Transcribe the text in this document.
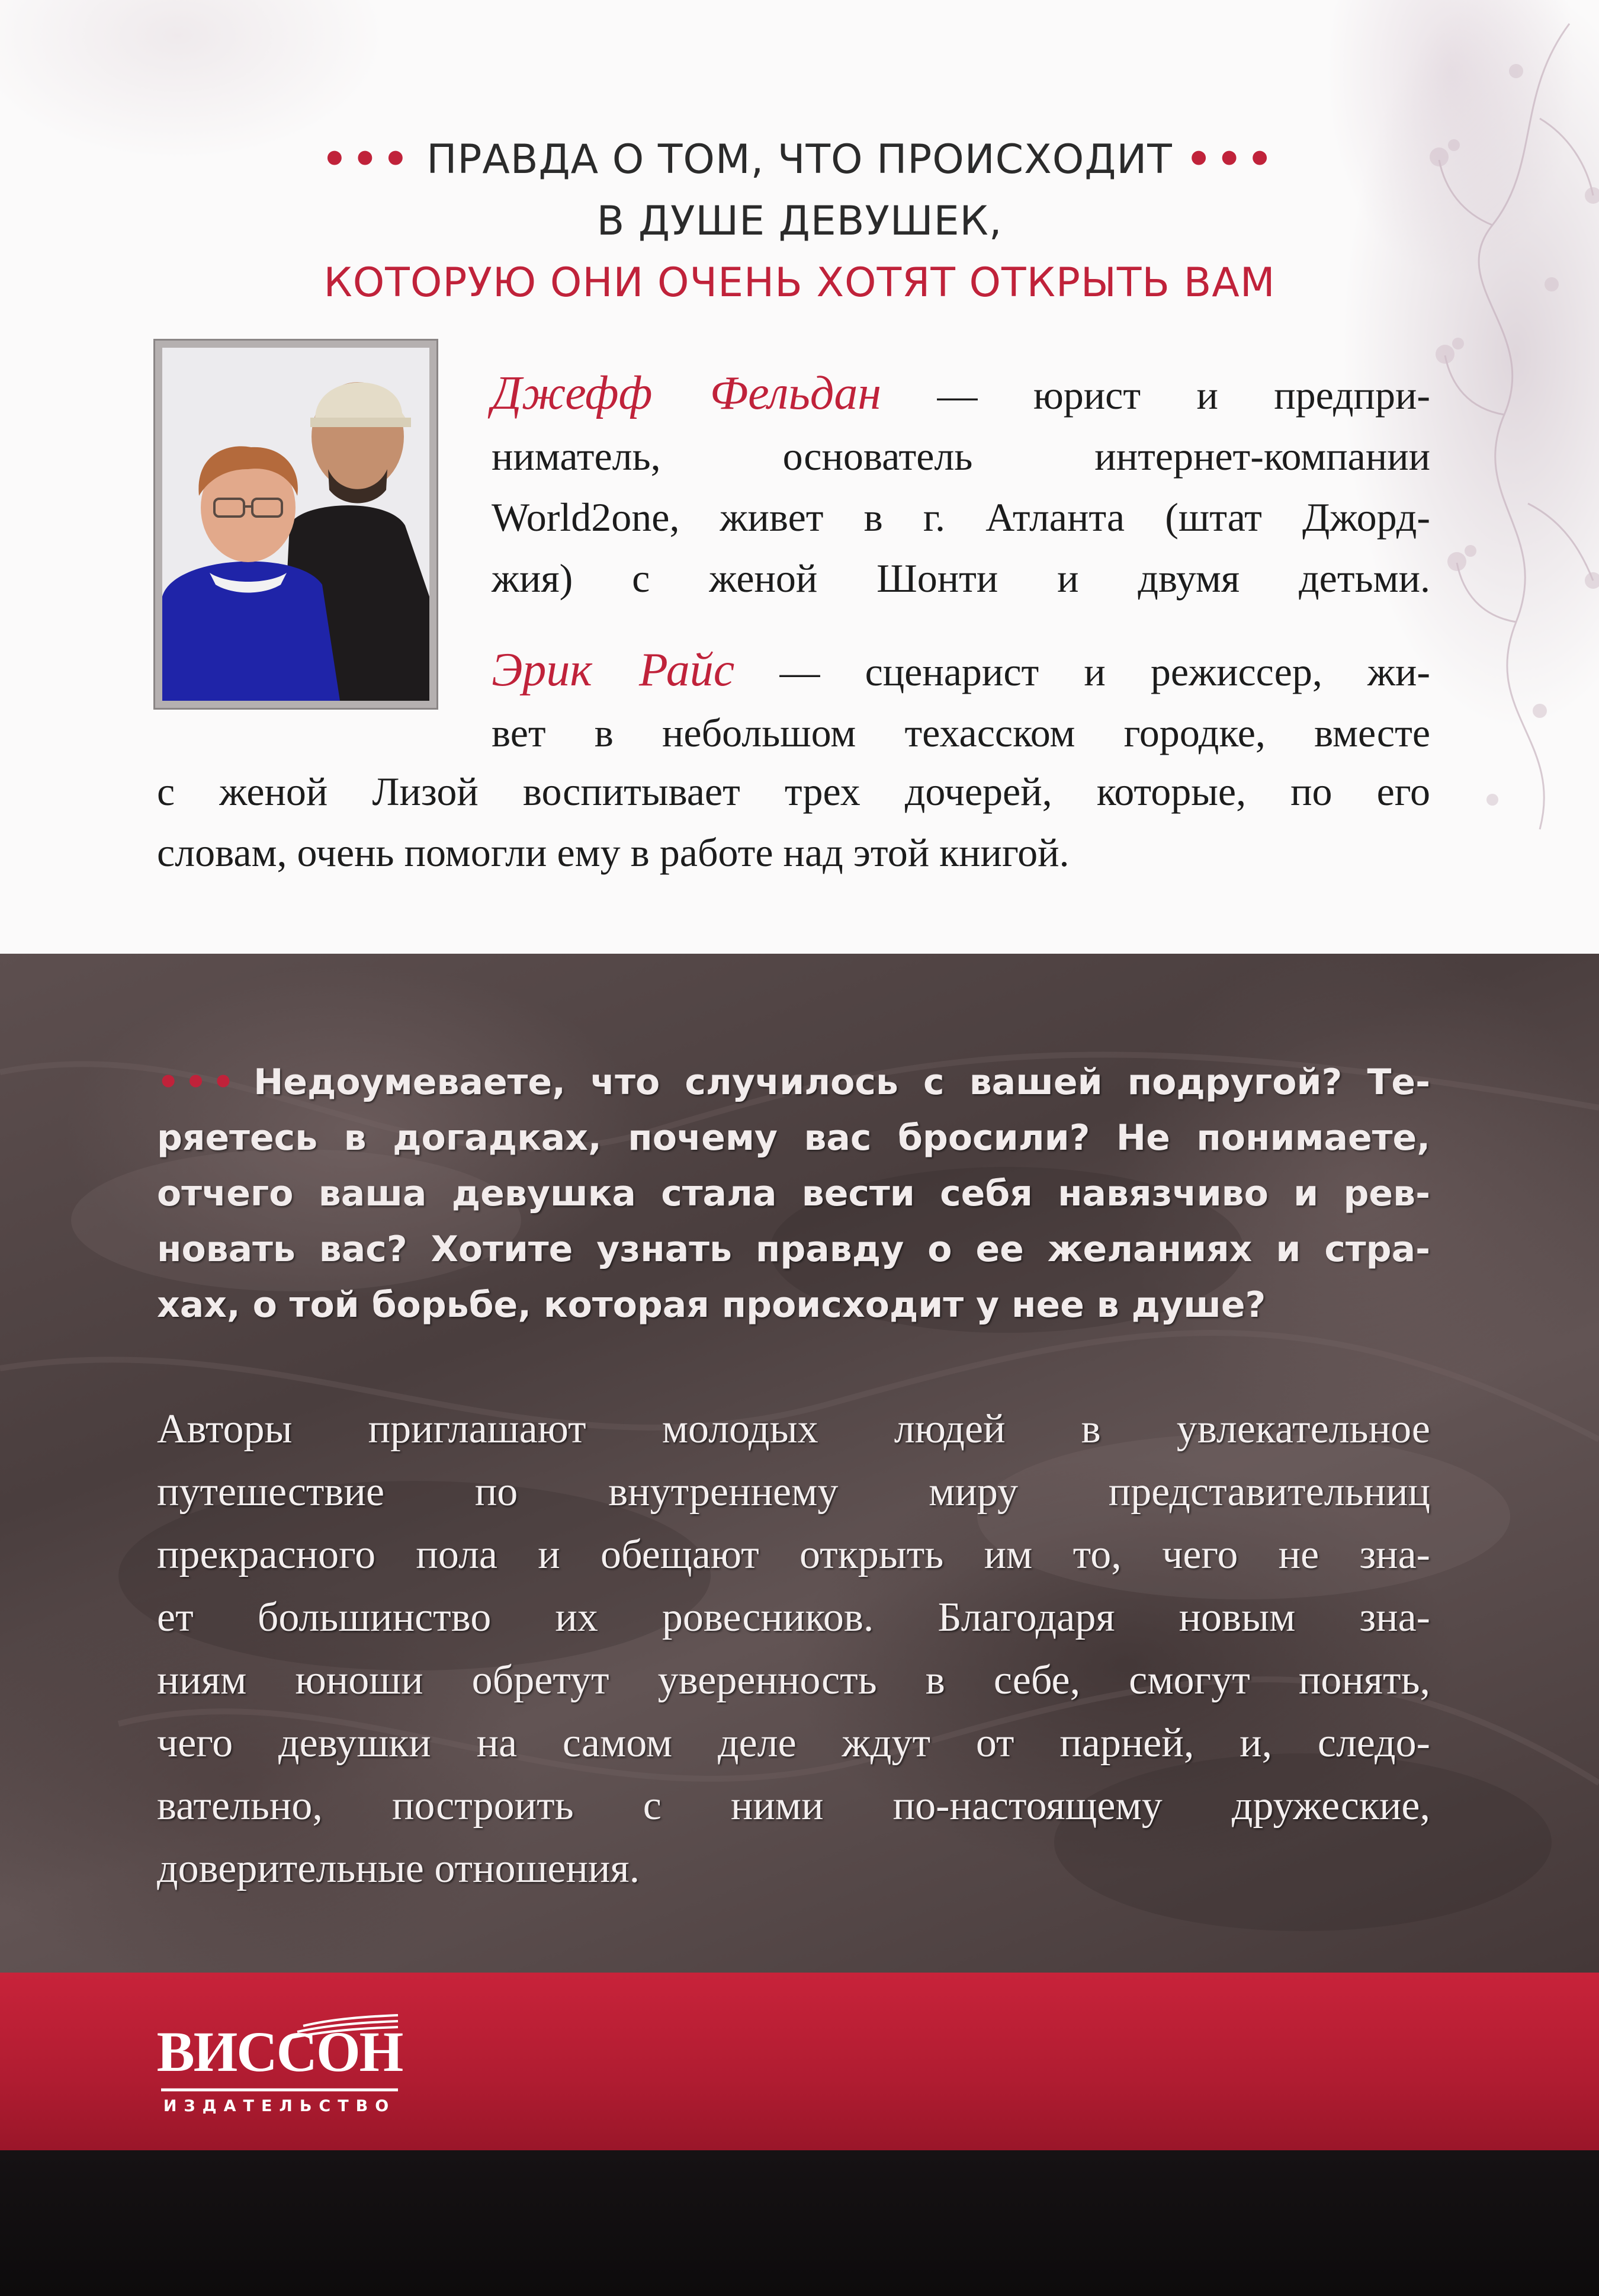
••• ПРАВДА О ТОМ, ЧТО ПРОИСХОДИТ •••
В ДУШЕ ДЕВУШЕК,
КОТОРУЮ ОНИ ОЧЕНЬ ХОТЯТ ОТКРЫТЬ ВАМ
Джефф Фельдан — юрист и предпри-
ниматель, основатель интернет-компании
World2one, живет в г. Атланта (штат Джорд-
жия) с женой Шонти и двумя детьми.
Эрик Райс — сценарист и режиссер, жи-
вет в небольшом техасском городке, вместе
с женой Лизой воспитывает трех дочерей, которые, по его
словам, очень помогли ему в работе над этой книгой.
••• Недоумеваете, что случилось с вашей подругой? Те-
ряетесь в догадках, почему вас бросили? Не понимаете,
отчего ваша девушка стала вести себя навязчиво и рев-
новать вас? Хотите узнать правду о ее желаниях и стра-
хах, о той борьбе, которая происходит у нее в душе?
Авторы приглашают молодых людей в увлекательное
путешествие по внутреннему миру представительниц
прекрасного пола и обещают открыть им то, чего не зна-
ет большинство их ровесников. Благодаря новым зна-
ниям юноши обретут уверенность в себе, смогут понять,
чего девушки на самом деле ждут от парней, и, следо-
вательно, построить с ними по-настоящему дружеские,
доверительные отношения.
ВИССОН
ИЗДАТЕЛЬСТВО
